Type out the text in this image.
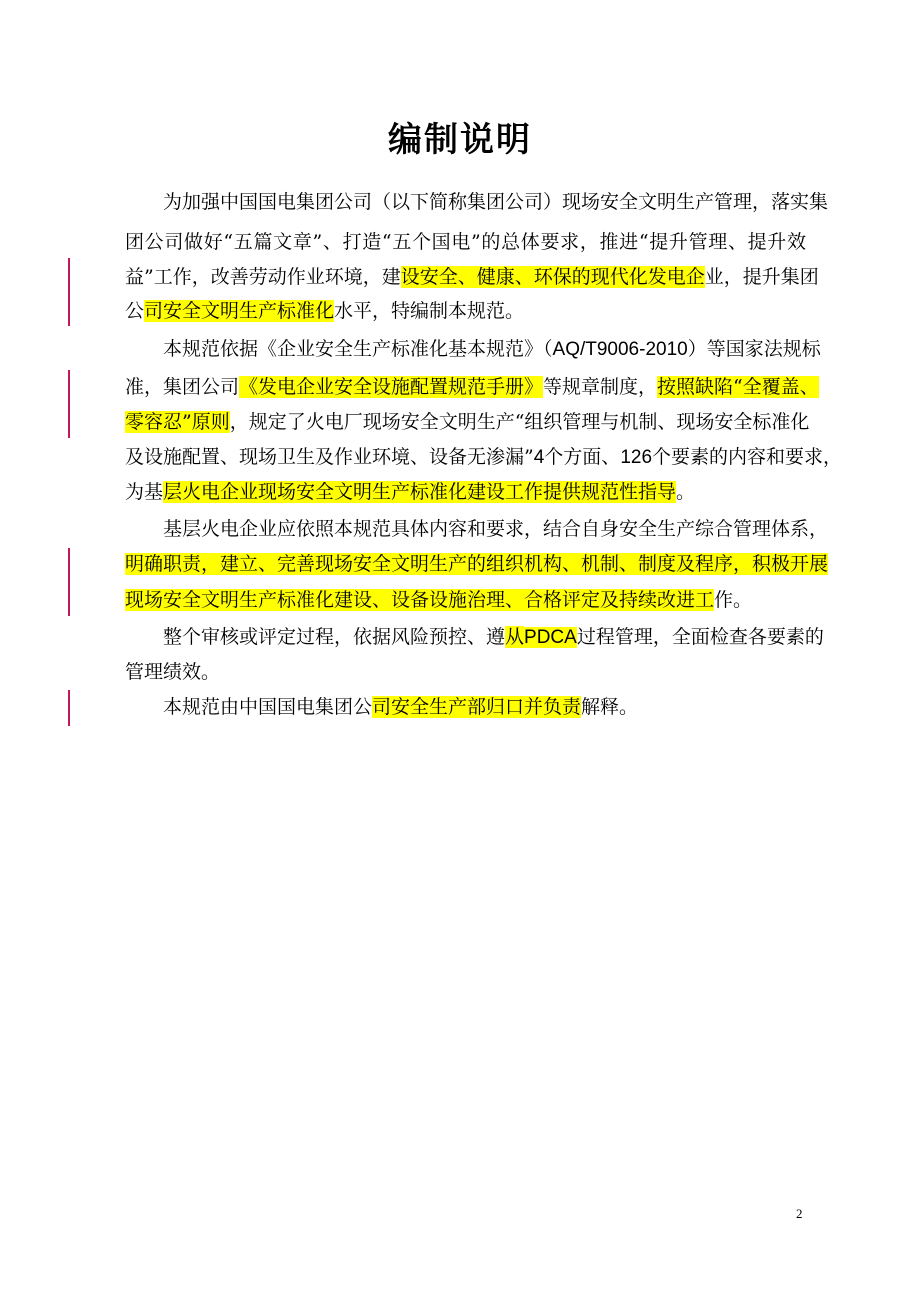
编制说明
　　为加强中国国电集团公司（以下简称集团公司）现场安全文明生产管理，落实集
团公司做好“五篇文章”、打造“五个国电”的总体要求，推进“提升管理、提升效
益”工作，改善劳动作业环境，建设安全、健康、环保的现代化发电企业，提升集团
公司安全文明生产标准化水平，特编制本规范。
　　本规范依据《企业安全生产标准化基本规范》（AQ/T9006-2010）等国家法规标
准，集团公司《发电企业安全设施配置规范手册》等规章制度，按照缺陷“全覆盖、
零容忍”原则，规定了火电厂现场安全文明生产“组织管理与机制、现场安全标准化
及设施配置、现场卫生及作业环境、设备无渗漏”4个方面、126个要素的内容和要求，
为基层火电企业现场安全文明生产标准化建设工作提供规范性指导。
　　基层火电企业应依照本规范具体内容和要求，结合自身安全生产综合管理体系，
明确职责，建立、完善现场安全文明生产的组织机构、机制、制度及程序，积极开展
现场安全文明生产标准化建设、设备设施治理、合格评定及持续改进工作。
　　整个审核或评定过程，依据风险预控、遵从PDCA过程管理，全面检查各要素的
管理绩效。
　　本规范由中国国电集团公司安全生产部归口并负责解释。
2
